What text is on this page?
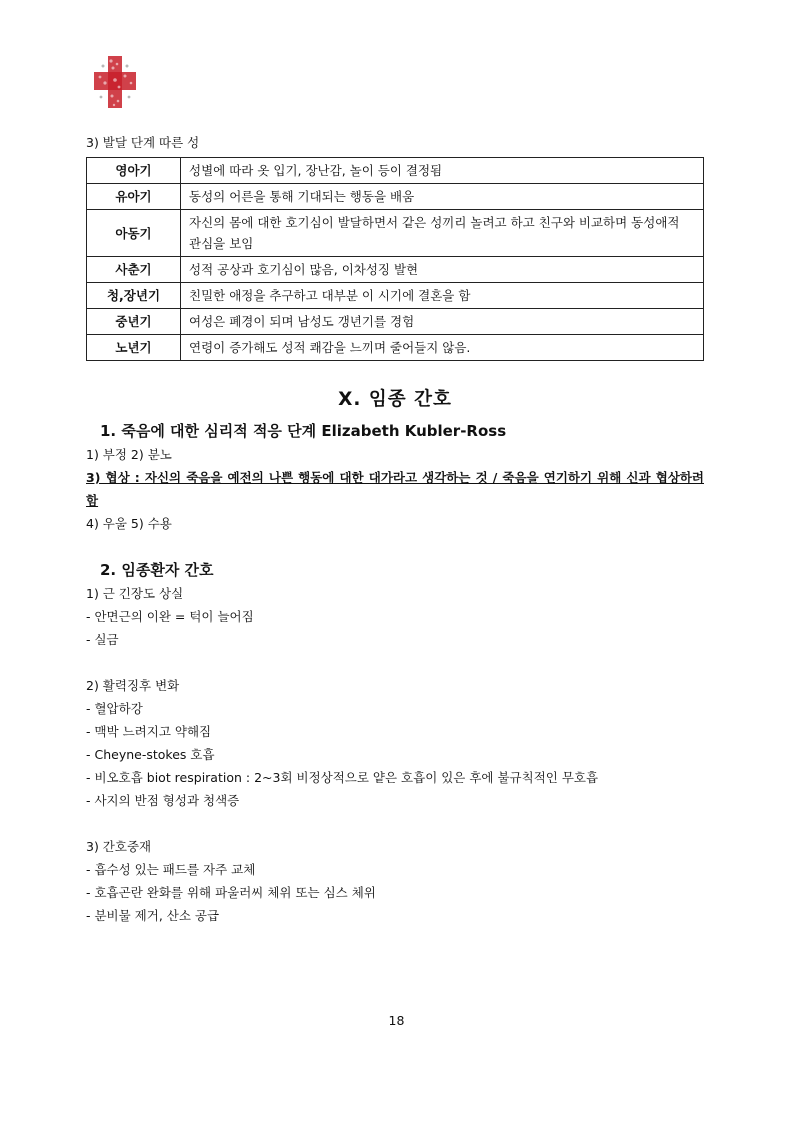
3) 발달 단계 따른 성
영아기	성별에 따라 옷 입기, 장난감, 놀이 등이 결정됨
유아기	동성의 어른을 통해 기대되는 행동을 배움
아동기	자신의 몸에 대한 호기심이 발달하면서 같은 성끼리 놀려고 하고 친구와 비교하며 동성애적 관심을 보임
사춘기	성적 공상과 호기심이 많음, 이차성징 발현
청,장년기	친밀한 애정을 추구하고 대부분 이 시기에 결혼을 함
중년기	여성은 폐경이 되며 남성도 갱년기를 경험
노년기	연령이 증가해도 성적 쾌감을 느끼며 줄어들지 않음.
X. 임종 간호
1. 죽음에 대한 심리적 적응 단계 Elizabeth Kubler-Ross
1) 부정 2) 분노
3) 협상 : 자신의 죽음을 예전의 나쁜 행동에 대한 대가라고 생각하는 것 / 죽음을 연기하기 위해 신과 협상하려 함
4) 우울 5) 수용
2. 임종환자 간호
1) 근 긴장도 상실
- 안면근의 이완 = 턱이 늘어짐
- 실금
2) 활력징후 변화
- 혈압하강
- 맥박 느려지고 약해짐
- Cheyne-stokes 호흡
- 비오호흡 biot respiration : 2~3회 비정상적으로 얕은 호흡이 있은 후에 불규칙적인 무호흡
- 사지의 반점 형성과 청색증
3) 간호중재
- 흡수성 있는 패드를 자주 교체
- 호흡곤란 완화를 위해 파울러씨 체위 또는 심스 체위
- 분비물 제거, 산소 공급
18
